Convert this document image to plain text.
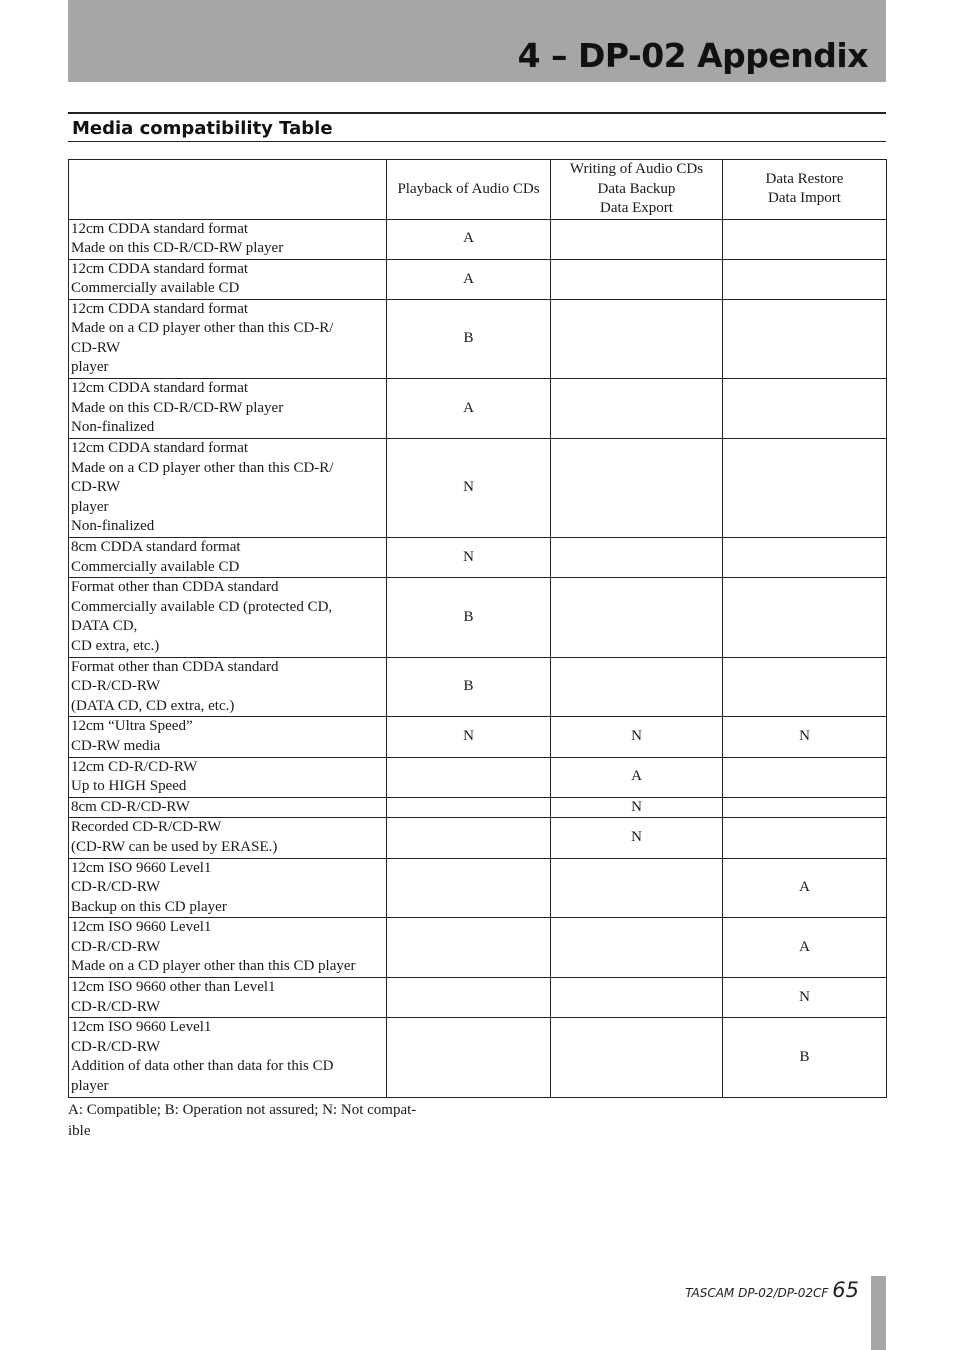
4 – DP-02 Appendix
Media compatibility Table

	Playback of Audio CDs	Writing of Audio CDs
Data Backup
Data Export	Data Restore
Data Import

12cm CDDA standard format
Made on this CD-R/CD-RW player	A		

12cm CDDA standard format
Commercially available CD	A		

12cm CDDA standard format
Made on a CD player other than this CD-R/
CD-RW
player	B		

12cm CDDA standard format
Made on this CD-R/CD-RW player
Non-finalized	A		

12cm CDDA standard format
Made on a CD player other than this CD-R/
CD-RW
player
Non-finalized	N		

8cm CDDA standard format
Commercially available CD	N		

Format other than CDDA standard
Commercially available CD (protected CD,
DATA CD,
CD extra, etc.)	B		

Format other than CDDA standard
CD-R/CD-RW
(DATA CD, CD extra, etc.)	B		

12cm “Ultra Speed”
CD-RW media	N	N	N

12cm CD-R/CD-RW
Up to HIGH Speed		A	

8cm CD-R/CD-RW		N	

Recorded CD-R/CD-RW
(CD-RW can be used by ERASE.)		N	

12cm ISO 9660 Level1
CD-R/CD-RW
Backup on this CD player			A

12cm ISO 9660 Level1
CD-R/CD-RW
Made on a CD player other than this CD player			A

12cm ISO 9660 other than Level1
CD-R/CD-RW			N

12cm ISO 9660 Level1
CD-R/CD-RW
Addition of data other than data for this CD
player			B
A: Compatible; B: Operation not assured; N: Not compat-
ible
TASCAM DP-02/DP-02CF 65
